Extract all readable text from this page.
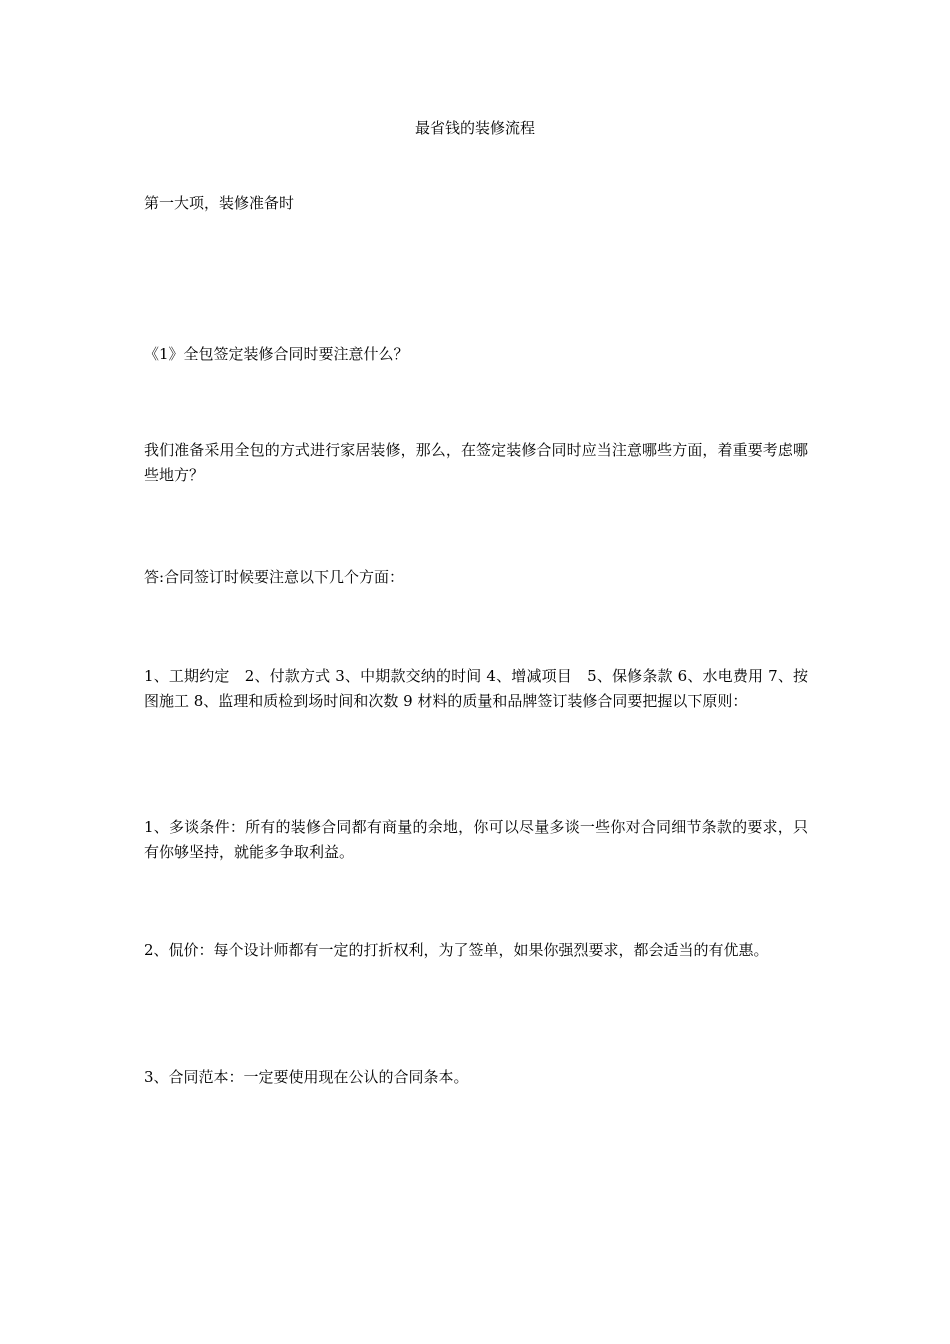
最省钱的装修流程

第一大项，装修准备时

《1》全包签定装修合同时要注意什么？

我们准备采用全包的方式进行家居装修，那么，在签定装修合同时应当注意哪些方面，着重要考虑哪些地方？

答:合同签订时候要注意以下几个方面：

1、工期约定　2、付款方式 3、中期款交纳的时间 4、增减项目　5、保修条款 6、水电费用 7、按图施工 8、监理和质检到场时间和次数 9 材料的质量和品牌签订装修合同要把握以下原则：

1、多谈条件：所有的装修合同都有商量的余地，你可以尽量多谈一些你对合同细节条款的要求，只有你够坚持，就能多争取利益。

2、侃价：每个设计师都有一定的打折权利，为了签单，如果你强烈要求，都会适当的有优惠。

3、合同范本：一定要使用现在公认的合同条本。
